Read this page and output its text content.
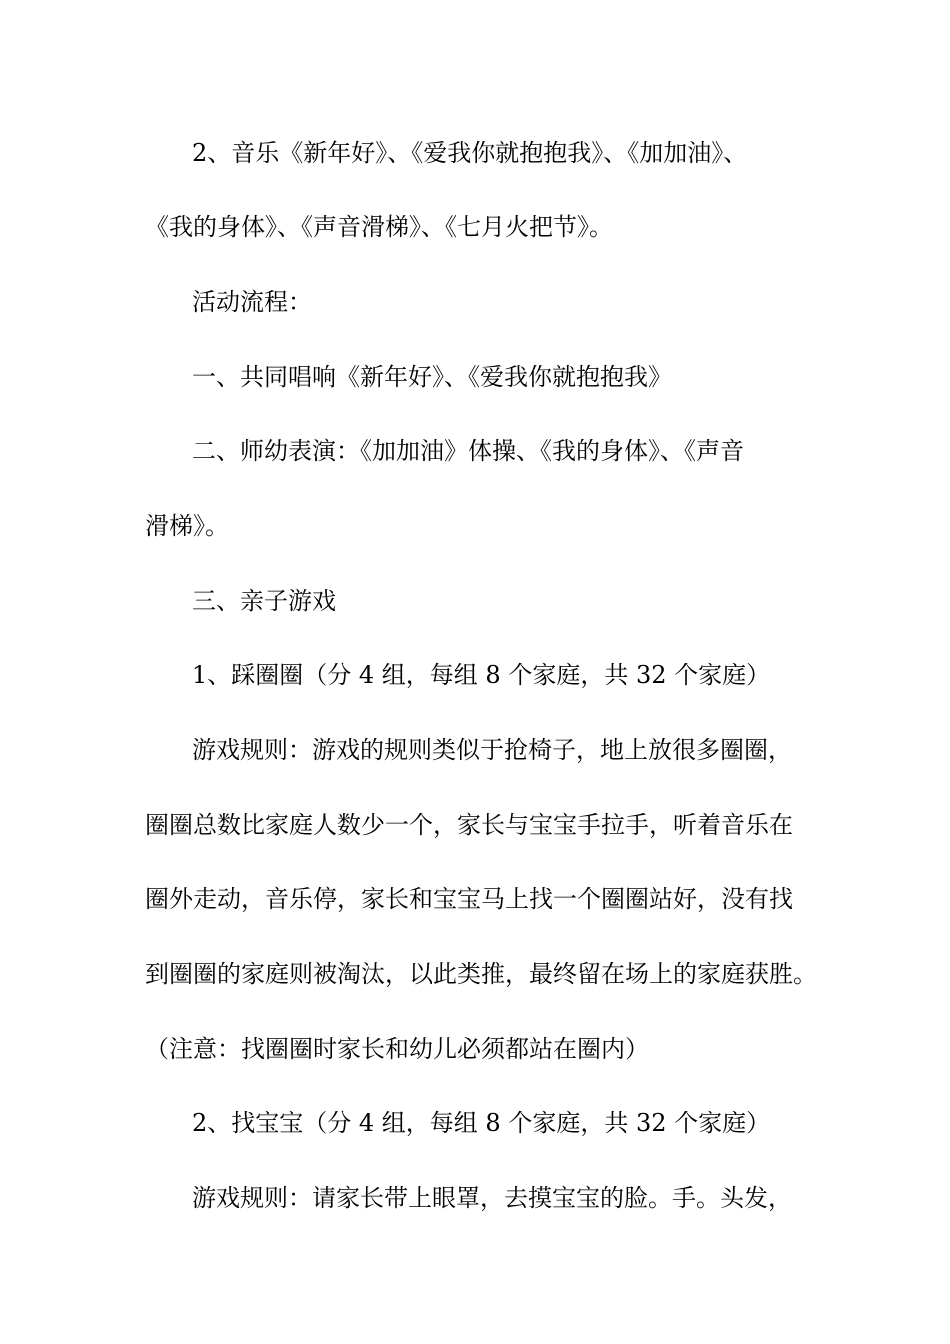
2、音乐《新年好》、《爱我你就抱抱我》、《加加油》、
《我的身体》、《声音滑梯》、《七月火把节》。
活动流程：
一、共同唱响《新年好》、《爱我你就抱抱我》
二、师幼表演：《加加油》体操、《我的身体》、《声音
滑梯》。
三、亲子游戏
1、踩圈圈（分 4 组，每组 8 个家庭，共 32 个家庭）
游戏规则：游戏的规则类似于抢椅子，地上放很多圈圈，
圈圈总数比家庭人数少一个，家长与宝宝手拉手，听着音乐在
圈外走动，音乐停，家长和宝宝马上找一个圈圈站好，没有找
到圈圈的家庭则被淘汰，以此类推，最终留在场上的家庭获胜。
（注意：找圈圈时家长和幼儿必须都站在圈内）
2、找宝宝（分 4 组，每组 8 个家庭，共 32 个家庭）
游戏规则：请家长带上眼罩，去摸宝宝的脸。手。头发，
